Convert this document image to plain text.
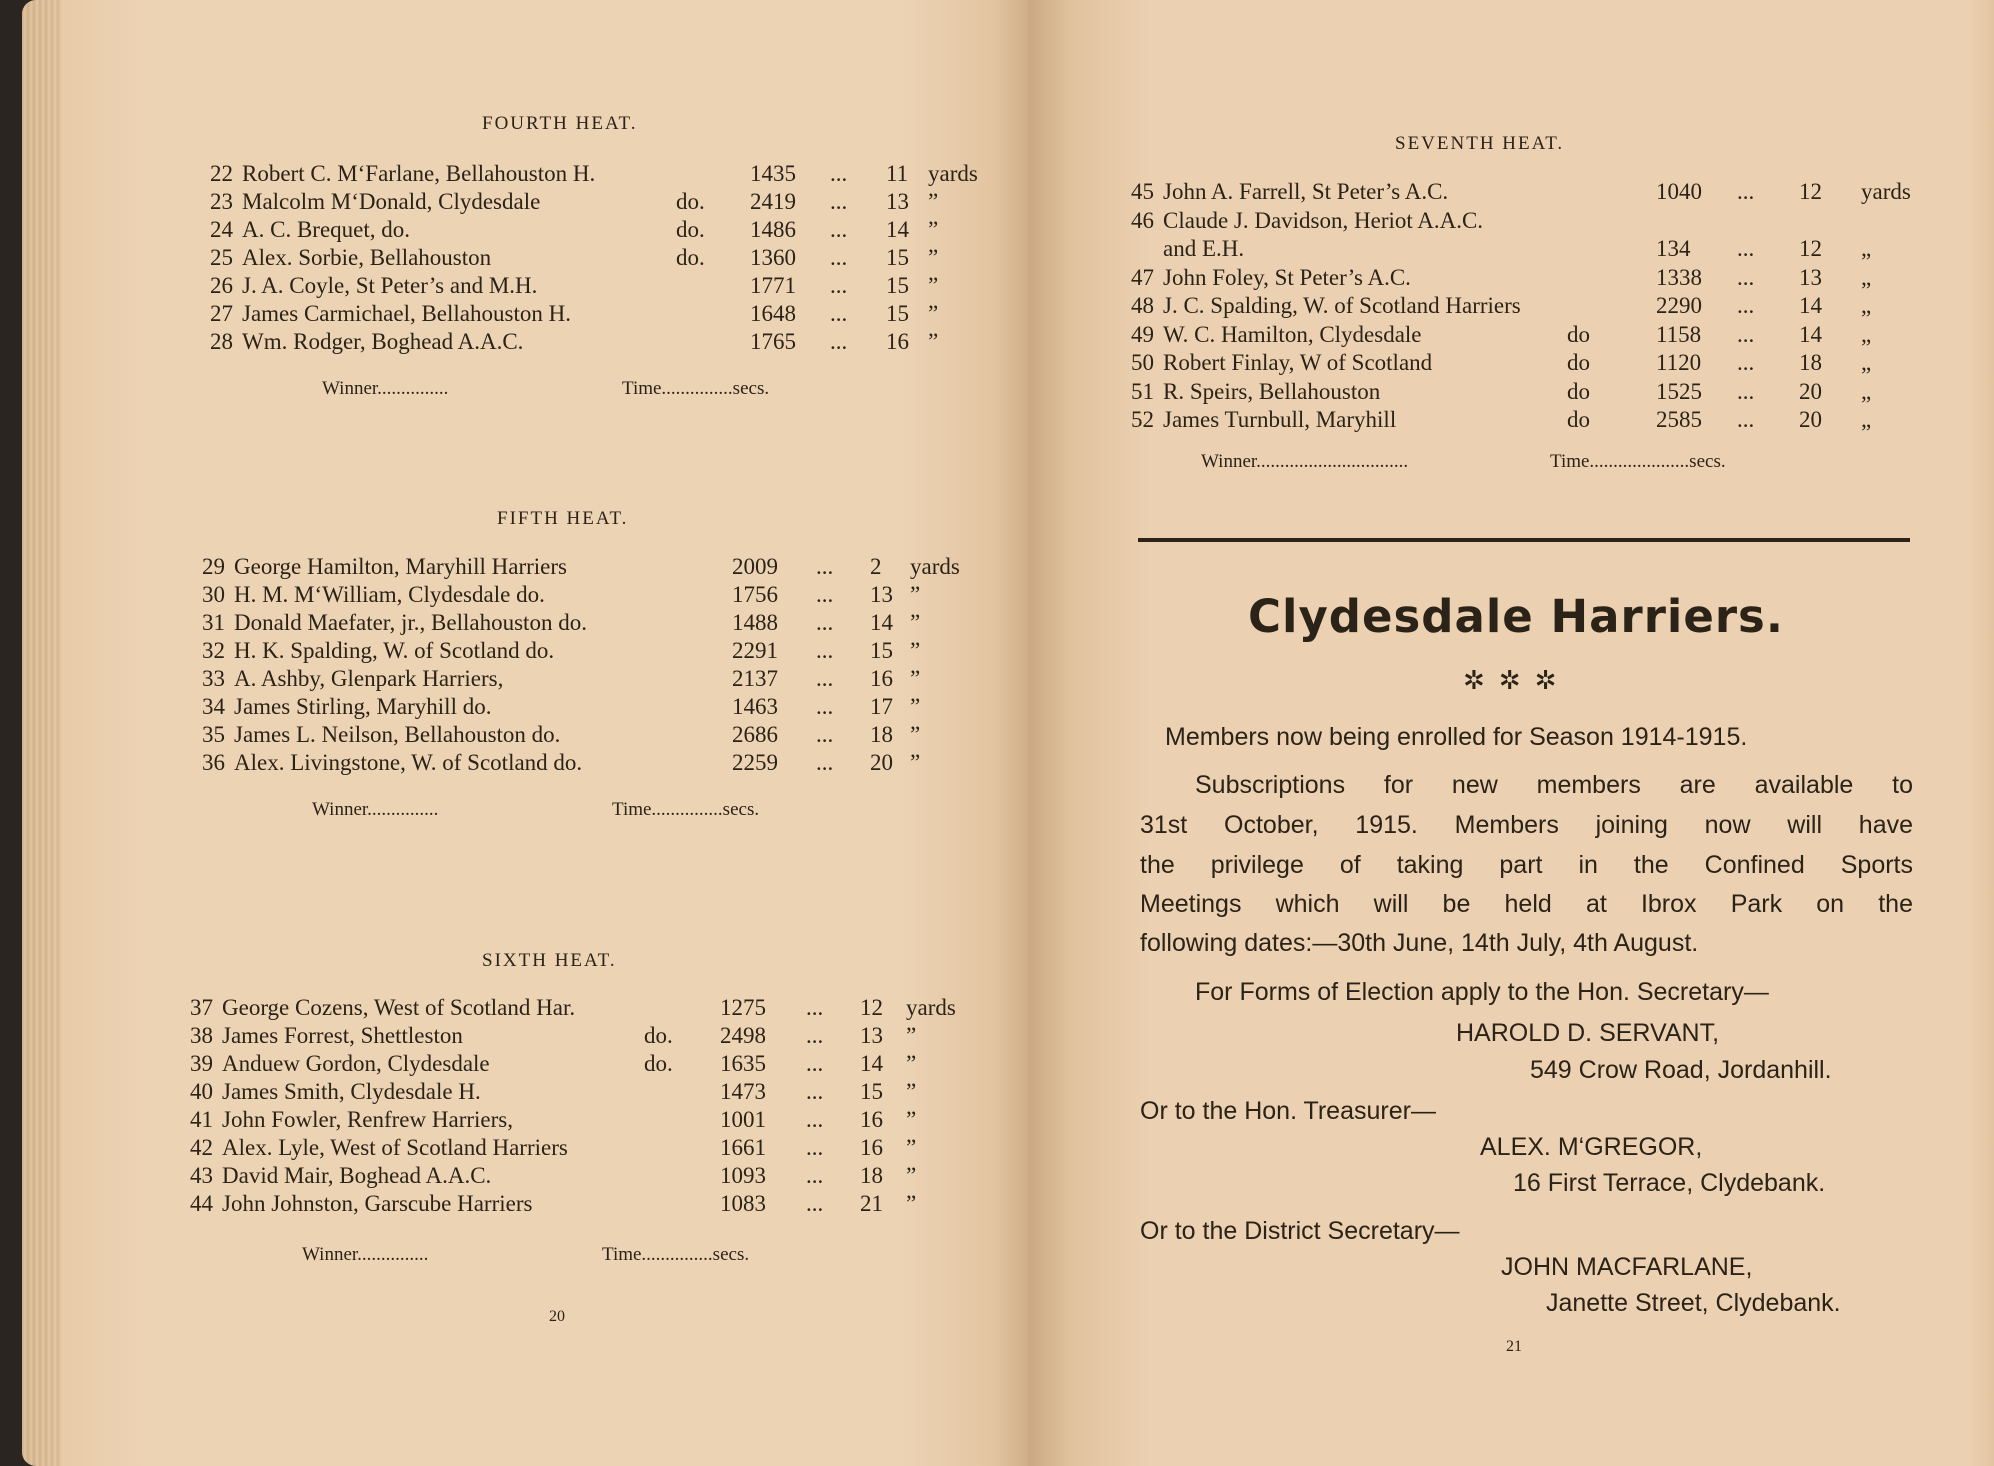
FOURTH HEAT.
22 Robert C. M‘Farlane, Bellahouston H.	1435 ... 11 yards
23 Malcolm M‘Donald, Clydesdale	do. 2419 ... 13 ”
24 A. C. Brequet, do.	do. 1486 ... 14 ”
25 Alex. Sorbie, Bellahouston	do. 1360 ... 15 ”
26 J. A. Coyle, St Peter’s and M.H.	1771 ... 15 ”
27 James Carmichael, Bellahouston H.	1648 ... 15 ”
28 Wm. Rodger, Boghead A.A.C.	1765 ... 16 ”
Winner...............	Time...............secs.
FIFTH HEAT.
29 George Hamilton, Maryhill Harriers	2009 ... 2 yards
30 H. M. M‘William, Clydesdale do.	1756 ... 13 ”
31 Donald Maefater, jr., Bellahouston do.	1488 ... 14 ”
32 H. K. Spalding, W. of Scotland do.	2291 ... 15 ”
33 A. Ashby, Glenpark Harriers,	2137 ... 16 ”
34 James Stirling, Maryhill do.	1463 ... 17 ”
35 James L. Neilson, Bellahouston do.	2686 ... 18 ”
36 Alex. Livingstone, W. of Scotland do.	2259 ... 20 ”
Winner...............	Time...............secs.
SIXTH HEAT.
37 George Cozens, West of Scotland Har.	1275 ... 12 yards
38 James Forrest, Shettleston	do. 2498 ... 13 ”
39 Anduew Gordon, Clydesdale	do. 1635 ... 14 ”
40 James Smith, Clydesdale H.	1473 ... 15 ”
41 John Fowler, Renfrew Harriers,	1001 ... 16 ”
42 Alex. Lyle, West of Scotland Harriers	1661 ... 16 ”
43 David Mair, Boghead A.A.C.	1093 ... 18 ”
44 John Johnston, Garscube Harriers	1083 ... 21 ”
Winner...............	Time...............secs.
20
SEVENTH HEAT.
45 John A. Farrell, St Peter’s A.C.	1040 ... 12 yards
46 Claude J. Davidson, Heriot A.A.C.
and E.H.	134 ... 12 „
47 John Foley, St Peter’s A.C.	1338 ... 13 „
48 J. C. Spalding, W. of Scotland Harriers	2290 ... 14 „
49 W. C. Hamilton, Clydesdale	do	1158 ... 14 „
50 Robert Finlay, W of Scotland	do	1120 ... 18 „
51 R. Speirs, Bellahouston	do	1525 ... 20 „
52 James Turnbull, Maryhill	do	2585 ... 20 „
Winner................................	Time.....................secs.
Clydesdale Harriers.
✲✲✲
Members now being enrolled for Season 1914-1915.
Subscriptions for new members are available to
31st October, 1915. Members joining now will have
the privilege of taking part in the Confined Sports
Meetings which will be held at Ibrox Park on the
following dates:—30th June, 14th July, 4th August.
For Forms of Election apply to the Hon. Secretary—
HAROLD D. SERVANT,
549 Crow Road, Jordanhill.
Or to the Hon. Treasurer—
ALEX. M‘GREGOR,
16 First Terrace, Clydebank.
Or to the District Secretary—
JOHN MACFARLANE,
Janette Street, Clydebank.
21
